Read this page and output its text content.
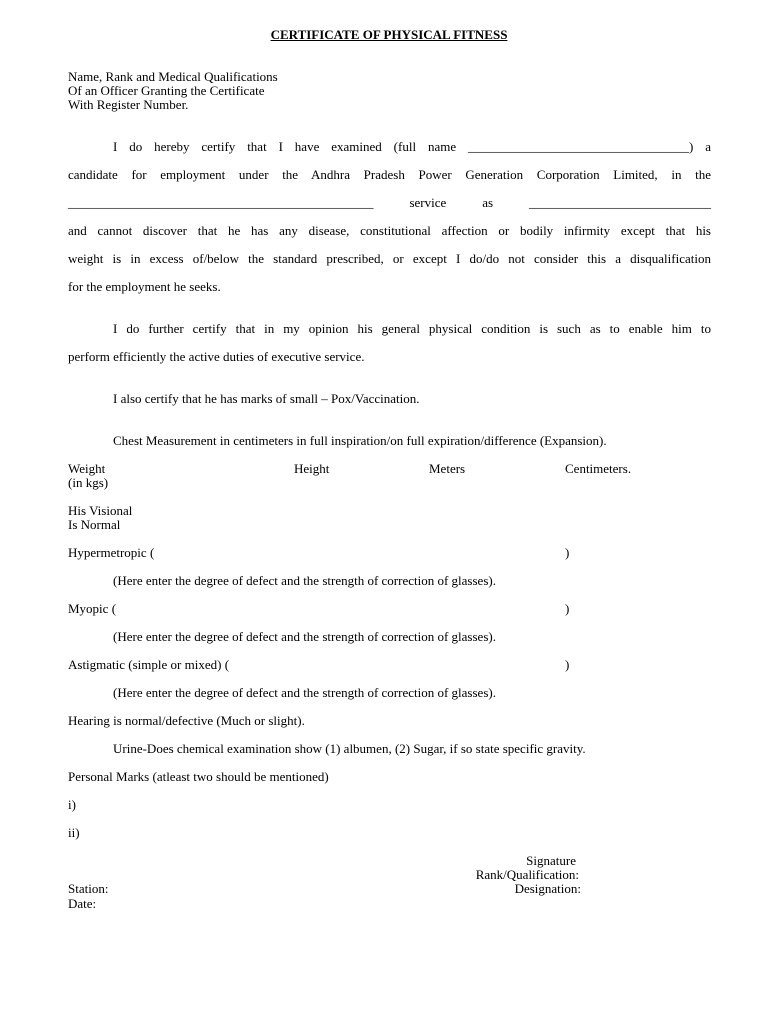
CERTIFICATE OF PHYSICAL FITNESS
Name, Rank and Medical Qualifications
Of an Officer Granting the Certificate
With Register Number.
I do hereby certify that I have examined (full name __________________________________) a
candidate for employment under the Andhra Pradesh Power Generation Corporation Limited, in the
_______________________________________________ service as ____________________________
and cannot discover that he has any disease, constitutional affection or bodily infirmity except that his
weight is in excess of/below the standard prescribed, or except I do/do not consider this a disqualification
for the employment he seeks.
I do further certify that in my opinion his general physical condition is such as to enable him to
perform efficiently the active duties of executive service.
I also certify that he has marks of small – Pox/Vaccination.
Chest Measurement in centimeters in full inspiration/on full expiration/difference (Expansion).
Weight
(in kgs)
Height	Meters	Centimeters.
His Visional
Is Normal
Hypermetropic (	)
(Here enter the degree of defect and the strength of correction of glasses).
Myopic (	)
(Here enter the degree of defect and the strength of correction of glasses).
Astigmatic (simple or mixed) (	)
(Here enter the degree of defect and the strength of correction of glasses).
Hearing is normal/defective (Much or slight).
Urine-Does chemical examination show (1) albumen, (2) Sugar, if so state specific gravity.
Personal Marks (atleast two should be mentioned)
i)
ii)
Signature
Rank/Qualification:
Designation:
Station:
Date:
